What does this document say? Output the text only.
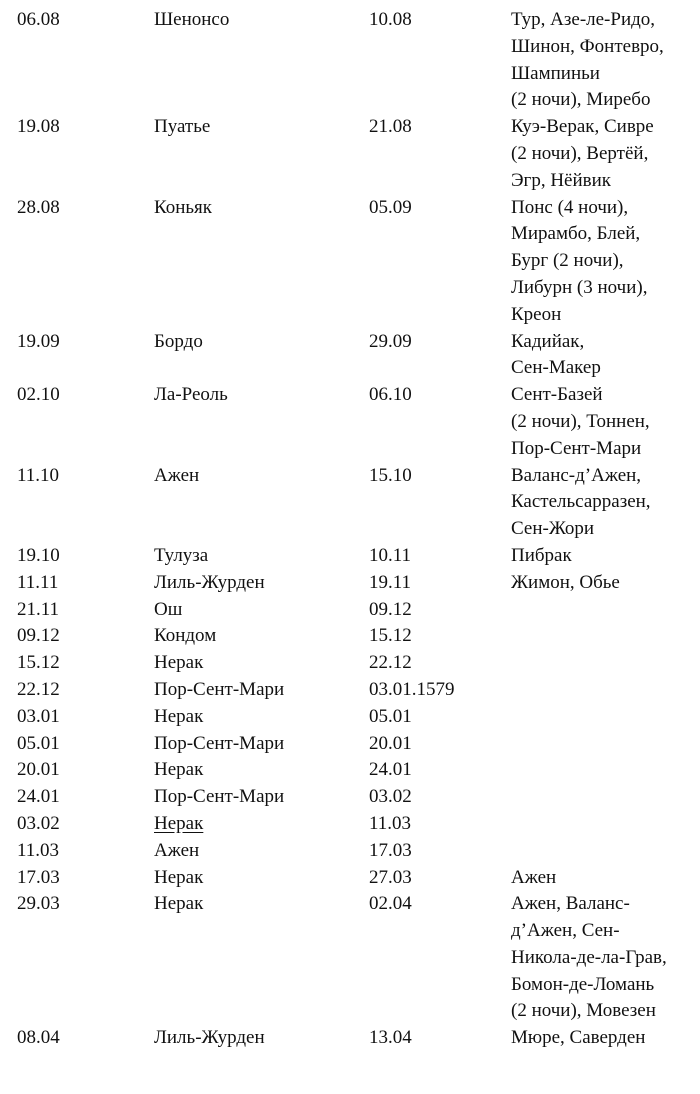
06.08	Шенонсо	10.08	Тур, Азе-ле-Ридо,
Шинон, Фонтевро,
Шампиньи
(2 ночи), Миребо
19.08	Пуатье	21.08	Куэ-Верак, Сивре
(2 ночи), Вертёй,
Эгр, Нёйвик
28.08	Коньяк	05.09	Понс (4 ночи),
Мирамбо, Блей,
Бург (2 ночи),
Либурн (3 ночи),
Креон
19.09	Бордо	29.09	Кадийак,
Сен-Макер
02.10	Ла-Реоль	06.10	Сент-Базей
(2 ночи), Тоннен,
Пор-Сент-Мари
11.10	Ажен	15.10	Валанс-д’Ажен,
Кастельсарразен,
Сен-Жори
19.10	Тулуза	10.11	Пибрак
11.11	Лиль-Журден	19.11	Жимон, Обье
21.11	Ош	09.12

09.12	Кондом	15.12

15.12	Нерак	22.12

22.12	Пор-Сент-Мари	03.01.1579

03.01	Нерак	05.01

05.01	Пор-Сент-Мари	20.01

20.01	Нерак	24.01

24.01	Пор-Сент-Мари	03.02

03.02	Нерак	11.03

11.03	Ажен	17.03

17.03	Нерак	27.03	Ажен
29.03	Нерак	02.04	Ажен, Валанс-
д’Ажен, Сен-
Никола-де-ла-Грав,
Бомон-де-Ломань
(2 ночи), Мовезен
08.04	Лиль-Журден	13.04	Мюре, Саверден
